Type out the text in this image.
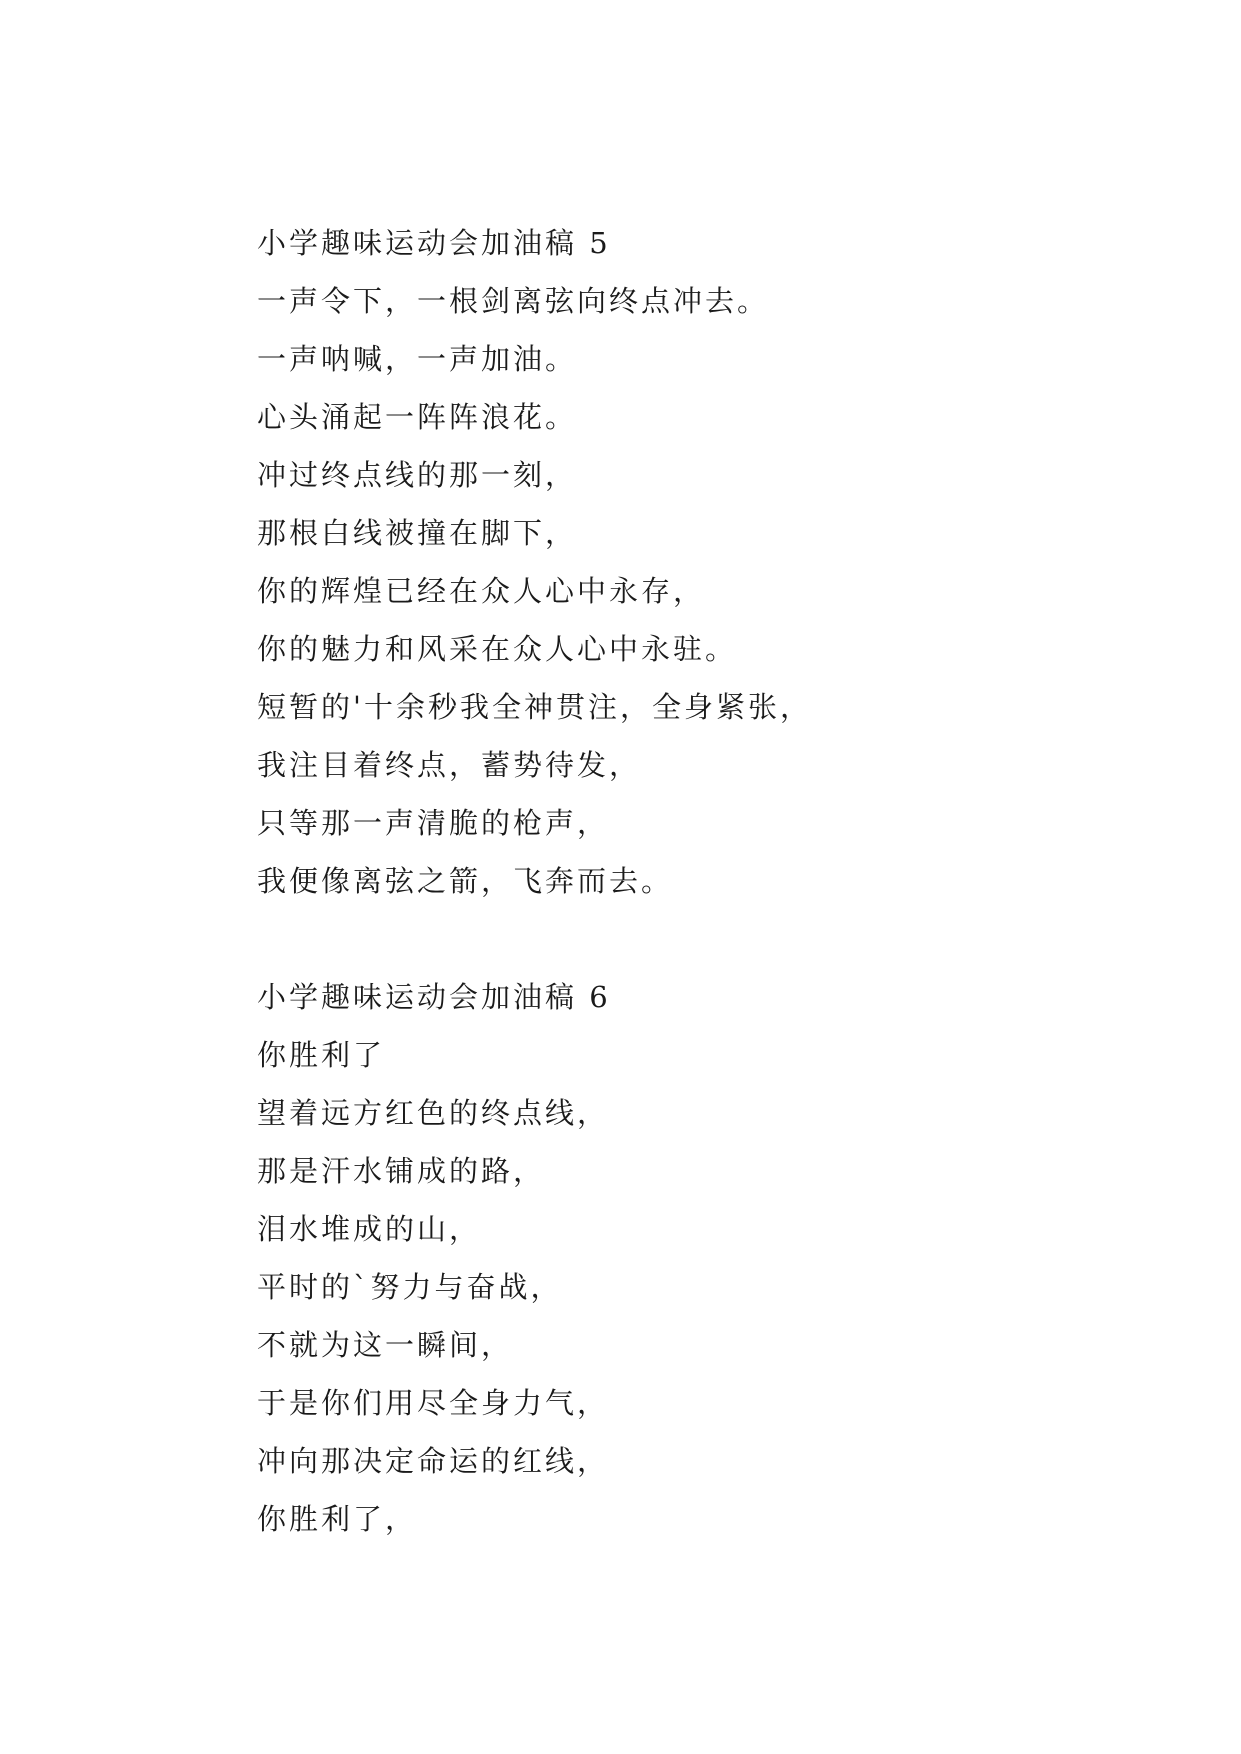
小学趣味运动会加油稿 5
一声令下，一根剑离弦向终点冲去。
一声呐喊，一声加油。
心头涌起一阵阵浪花。
冲过终点线的那一刻，
那根白线被撞在脚下，
你的辉煌已经在众人心中永存，
你的魅力和风采在众人心中永驻。
短暂的'十余秒我全神贯注，全身紧张，
我注目着终点，蓄势待发，
只等那一声清脆的枪声，
我便像离弦之箭，飞奔而去。
小学趣味运动会加油稿 6
你胜利了
望着远方红色的终点线，
那是汗水铺成的路，
泪水堆成的山，
平时的`努力与奋战，
不就为这一瞬间，
于是你们用尽全身力气，
冲向那决定命运的红线，
你胜利了，
